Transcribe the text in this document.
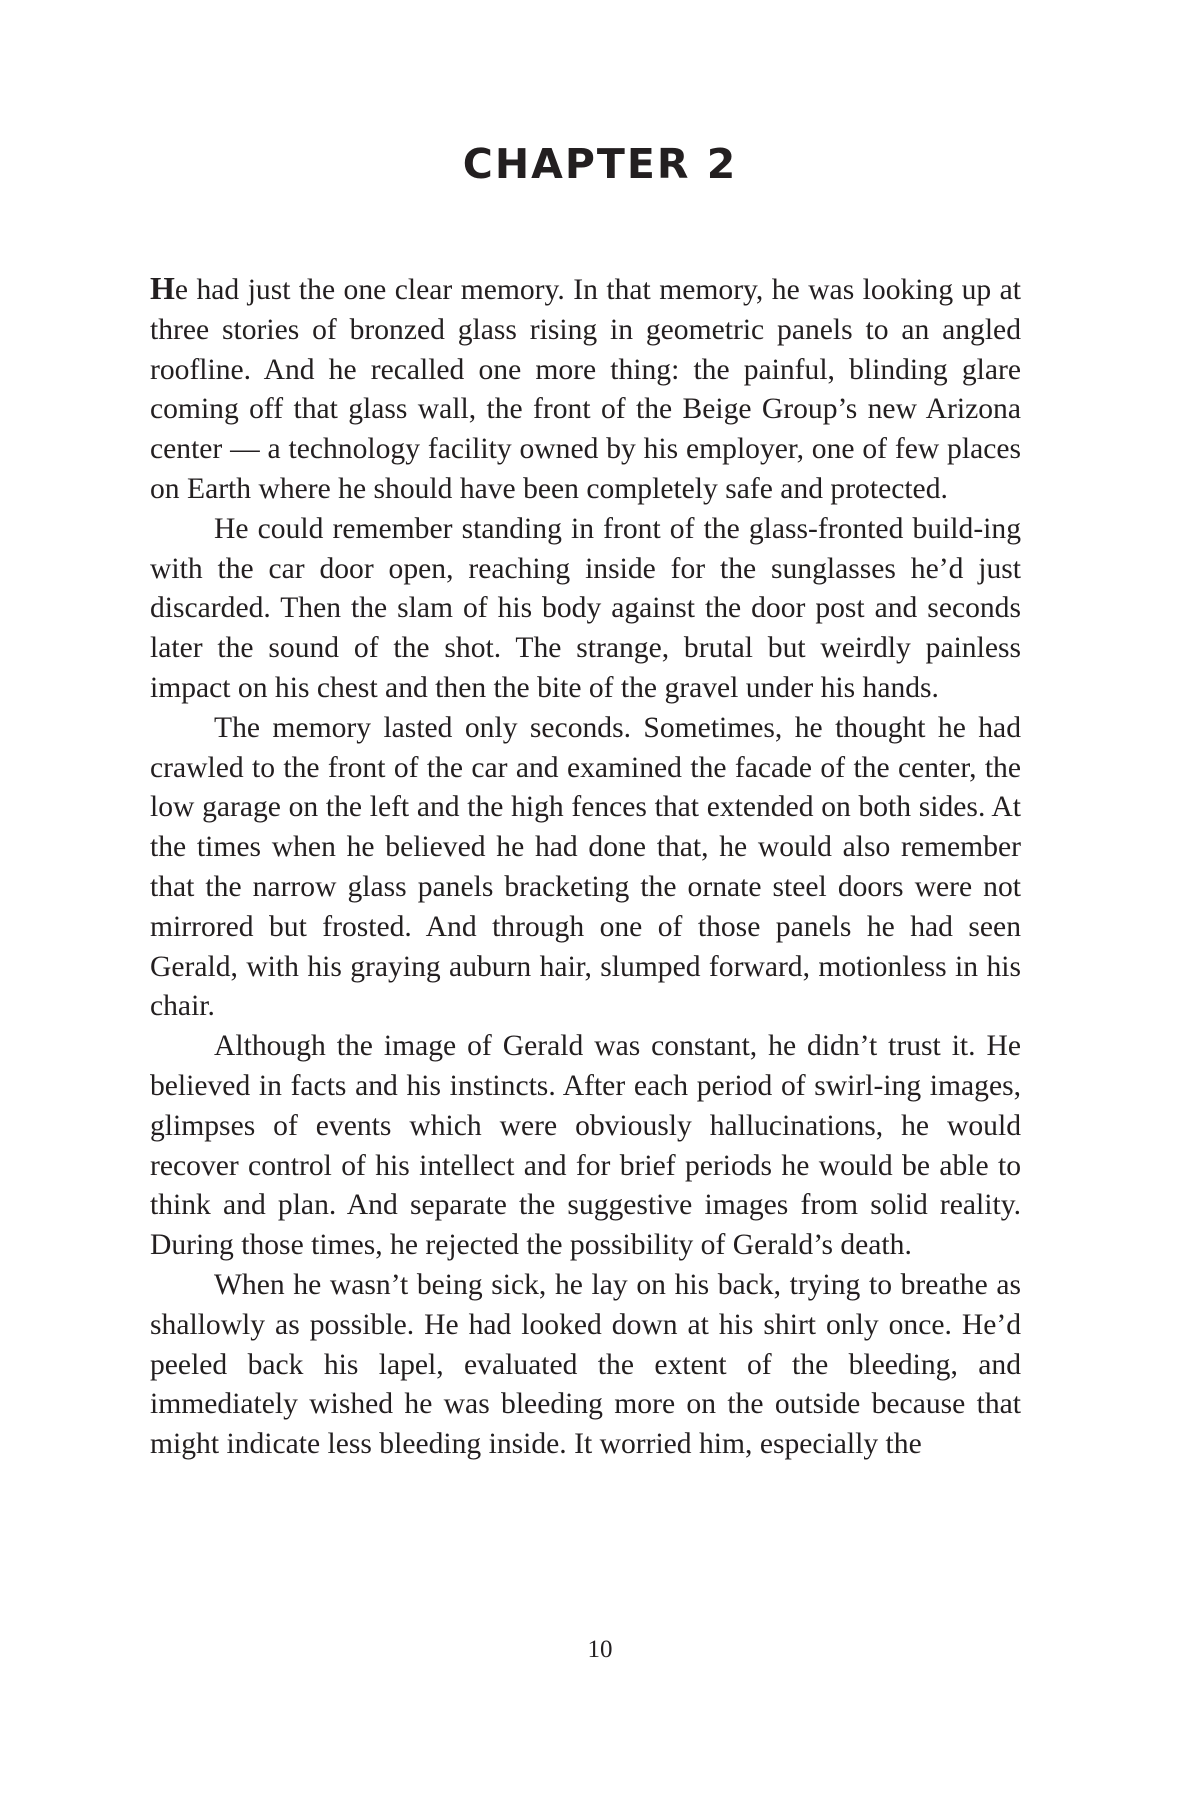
CHAPTER 2

He had just the one clear memory. In that memory, he was looking up at three stories of bronzed glass rising in geometric panels to an angled roofline. And he recalled one more thing: the painful, blinding glare coming off that glass wall, the front of the Beige Group’s new Arizona center — a technology facility owned by his employer, one of few places on Earth where he should have been completely safe and protected.

He could remember standing in front of the glass-fronted build-ing with the car door open, reaching inside for the sunglasses he’d just discarded. Then the slam of his body against the door post and seconds later the sound of the shot. The strange, brutal but weirdly painless impact on his chest and then the bite of the gravel under his hands.

The memory lasted only seconds. Sometimes, he thought he had crawled to the front of the car and examined the facade of the center, the low garage on the left and the high fences that extended on both sides. At the times when he believed he had done that, he would also remember that the narrow glass panels bracketing the ornate steel doors were not mirrored but frosted. And through one of those panels he had seen Gerald, with his graying auburn hair, slumped forward, motionless in his chair.

Although the image of Gerald was constant, he didn’t trust it. He believed in facts and his instincts. After each period of swirl-ing images, glimpses of events which were obviously hallucinations, he would recover control of his intellect and for brief periods he would be able to think and plan. And separate the suggestive images from solid reality. During those times, he rejected the possibility of Gerald’s death.

When he wasn’t being sick, he lay on his back, trying to breathe as shallowly as possible. He had looked down at his shirt only once. He’d peeled back his lapel, evaluated the extent of the bleeding, and immediately wished he was bleeding more on the outside because that might indicate less bleeding inside. It worried him, especially the

10
